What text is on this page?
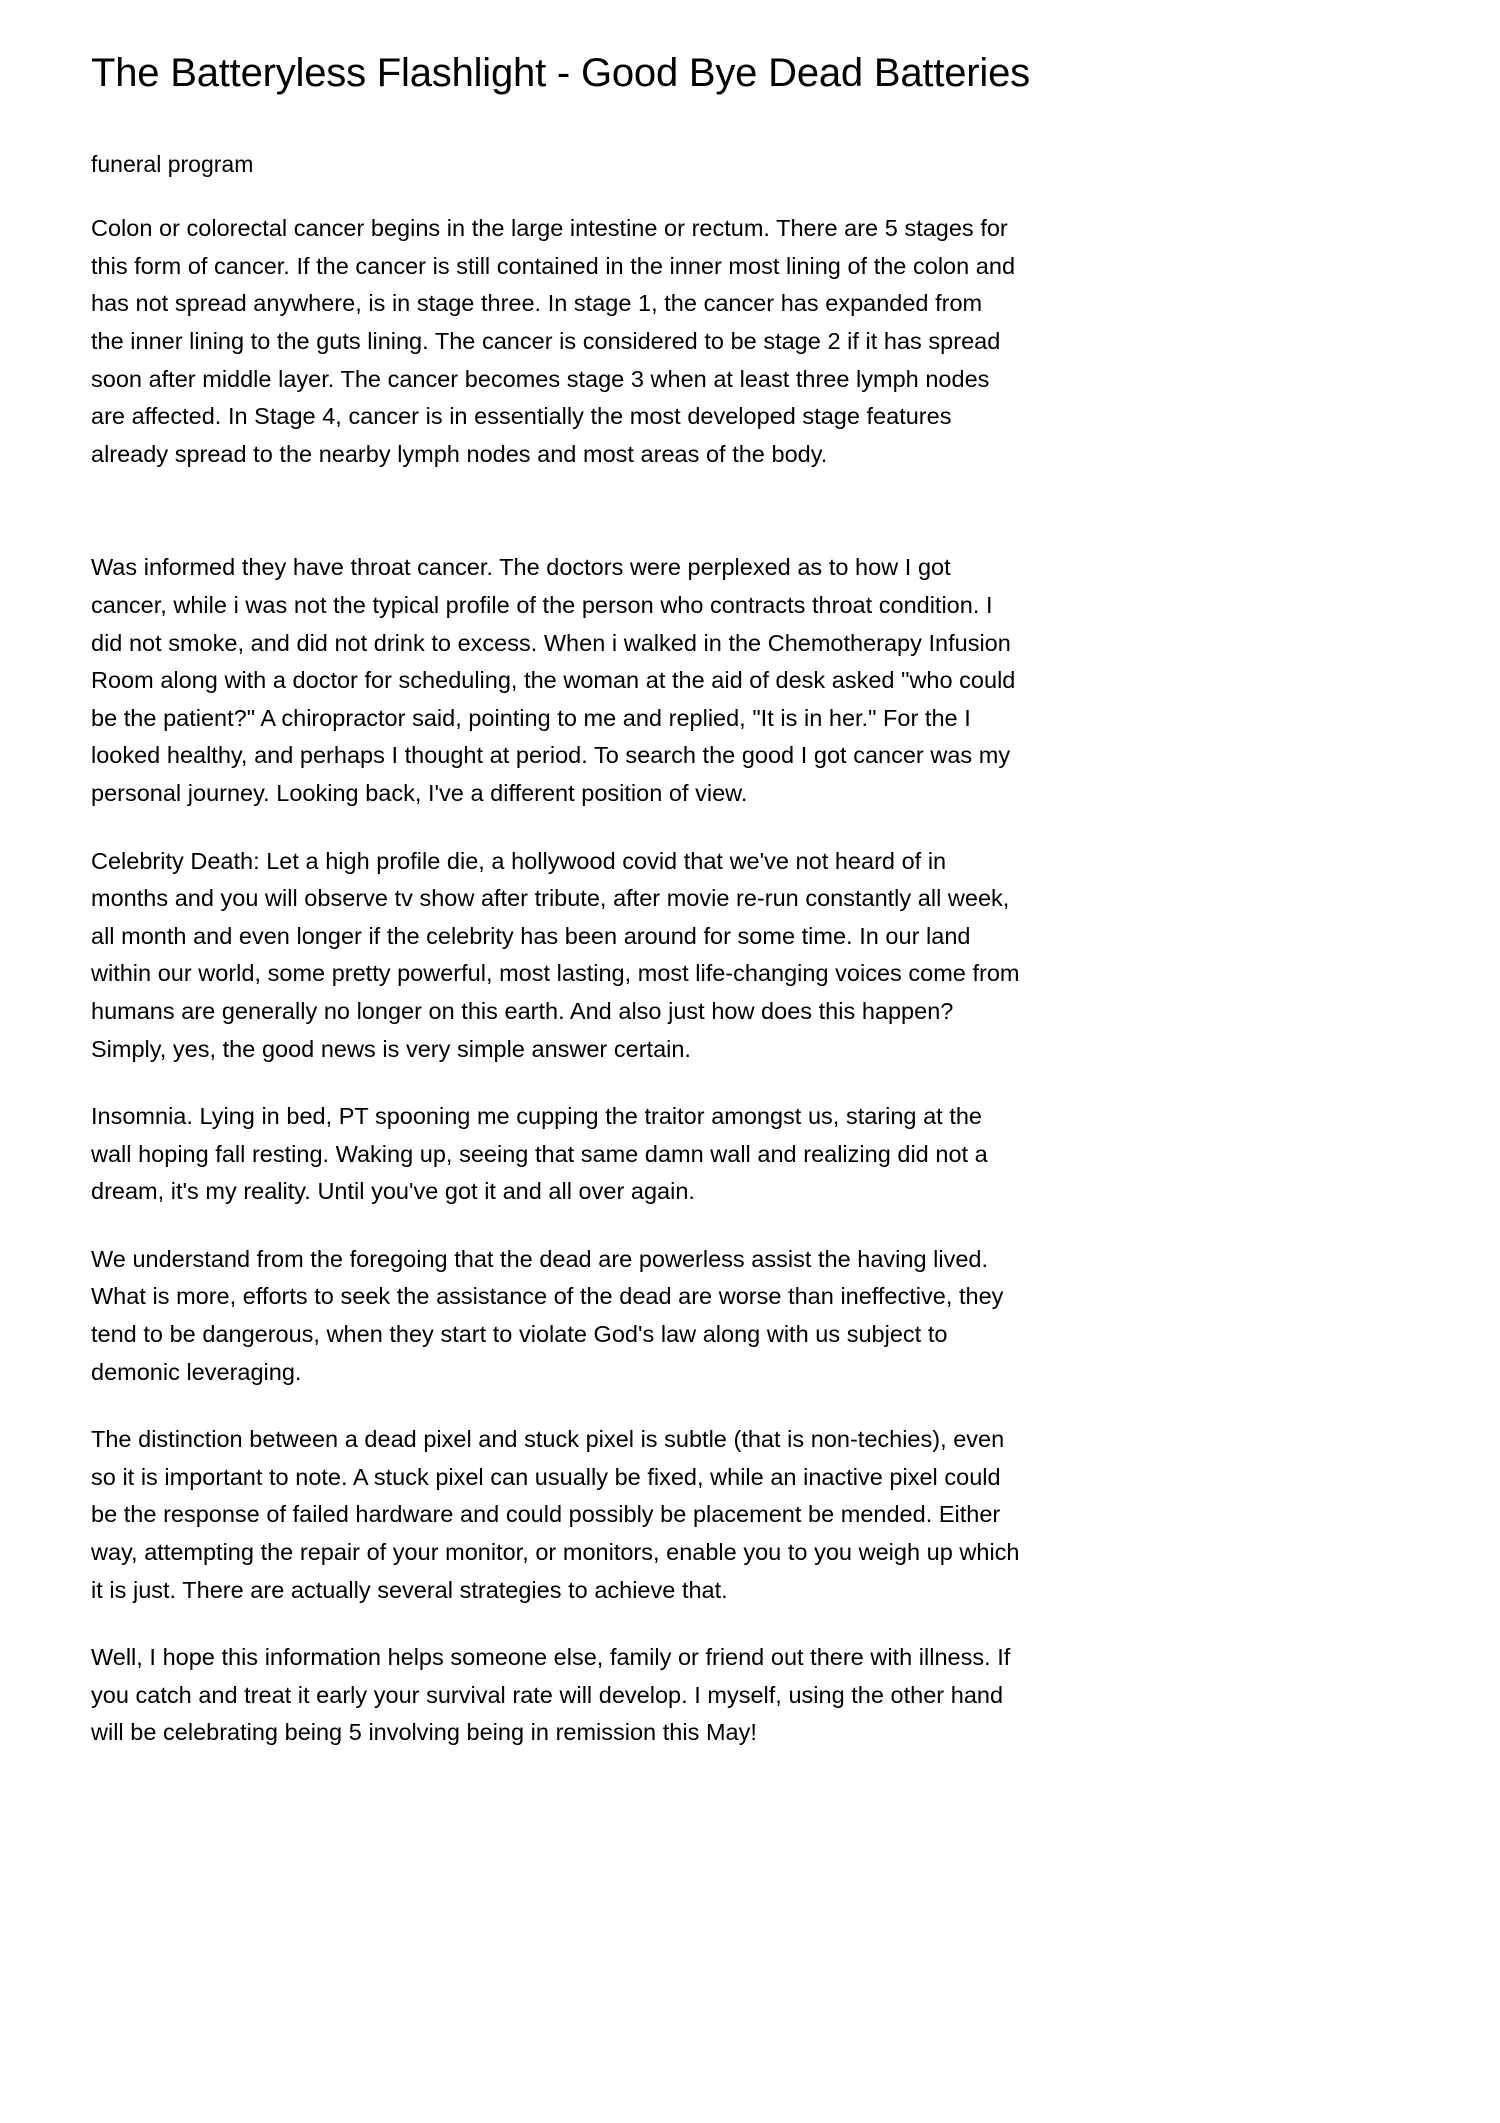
The Batteryless Flashlight - Good Bye Dead Batteries
funeral program

Colon or colorectal cancer begins in the large intestine or rectum. There are 5 stages for this form of cancer. If the cancer is still contained in the inner most lining of the colon and has not spread anywhere, is in stage three. In stage 1, the cancer has expanded from the inner lining to the guts lining. The cancer is considered to be stage 2 if it has spread soon after middle layer. The cancer becomes stage 3 when at least three lymph nodes are affected. In Stage 4, cancer is in essentially the most developed stage features already spread to the nearby lymph nodes and most areas of the body.

Was informed they have throat cancer. The doctors were perplexed as to how I got cancer, while i was not the typical profile of the person who contracts throat condition. I did not smoke, and did not drink to excess. When i walked in the Chemotherapy Infusion Room along with a doctor for scheduling, the woman at the aid of desk asked "who could be the patient?" A chiropractor said, pointing to me and replied, "It is in her." For the I looked healthy, and perhaps I thought at period. To search the good I got cancer was my personal journey. Looking back, I've a different position of view.

Celebrity Death: Let a high profile die, a hollywood covid that we've not heard of in months and you will observe tv show after tribute, after movie re-run constantly all week, all month and even longer if the celebrity has been around for some time. In our land within our world, some pretty powerful, most lasting, most life-changing voices come from humans are generally no longer on this earth. And also just how does this happen? Simply, yes, the good news is very simple answer certain.

Insomnia. Lying in bed, PT spooning me cupping the traitor amongst us, staring at the wall hoping fall resting. Waking up, seeing that same damn wall and realizing did not a dream, it's my reality. Until you've got it and all over again.

We understand from the foregoing that the dead are powerless assist the having lived. What is more, efforts to seek the assistance of the dead are worse than ineffective, they tend to be dangerous, when they start to violate God's law along with us subject to demonic leveraging.

The distinction between a dead pixel and stuck pixel is subtle (that is non-techies), even so it is important to note. A stuck pixel can usually be fixed, while an inactive pixel could be the response of failed hardware and could possibly be placement be mended. Either way, attempting the repair of your monitor, or monitors, enable you to you weigh up which it is just. There are actually several strategies to achieve that.

Well, I hope this information helps someone else, family or friend out there with illness. If you catch and treat it early your survival rate will develop. I myself, using the other hand will be celebrating being 5 involving being in remission this May!
